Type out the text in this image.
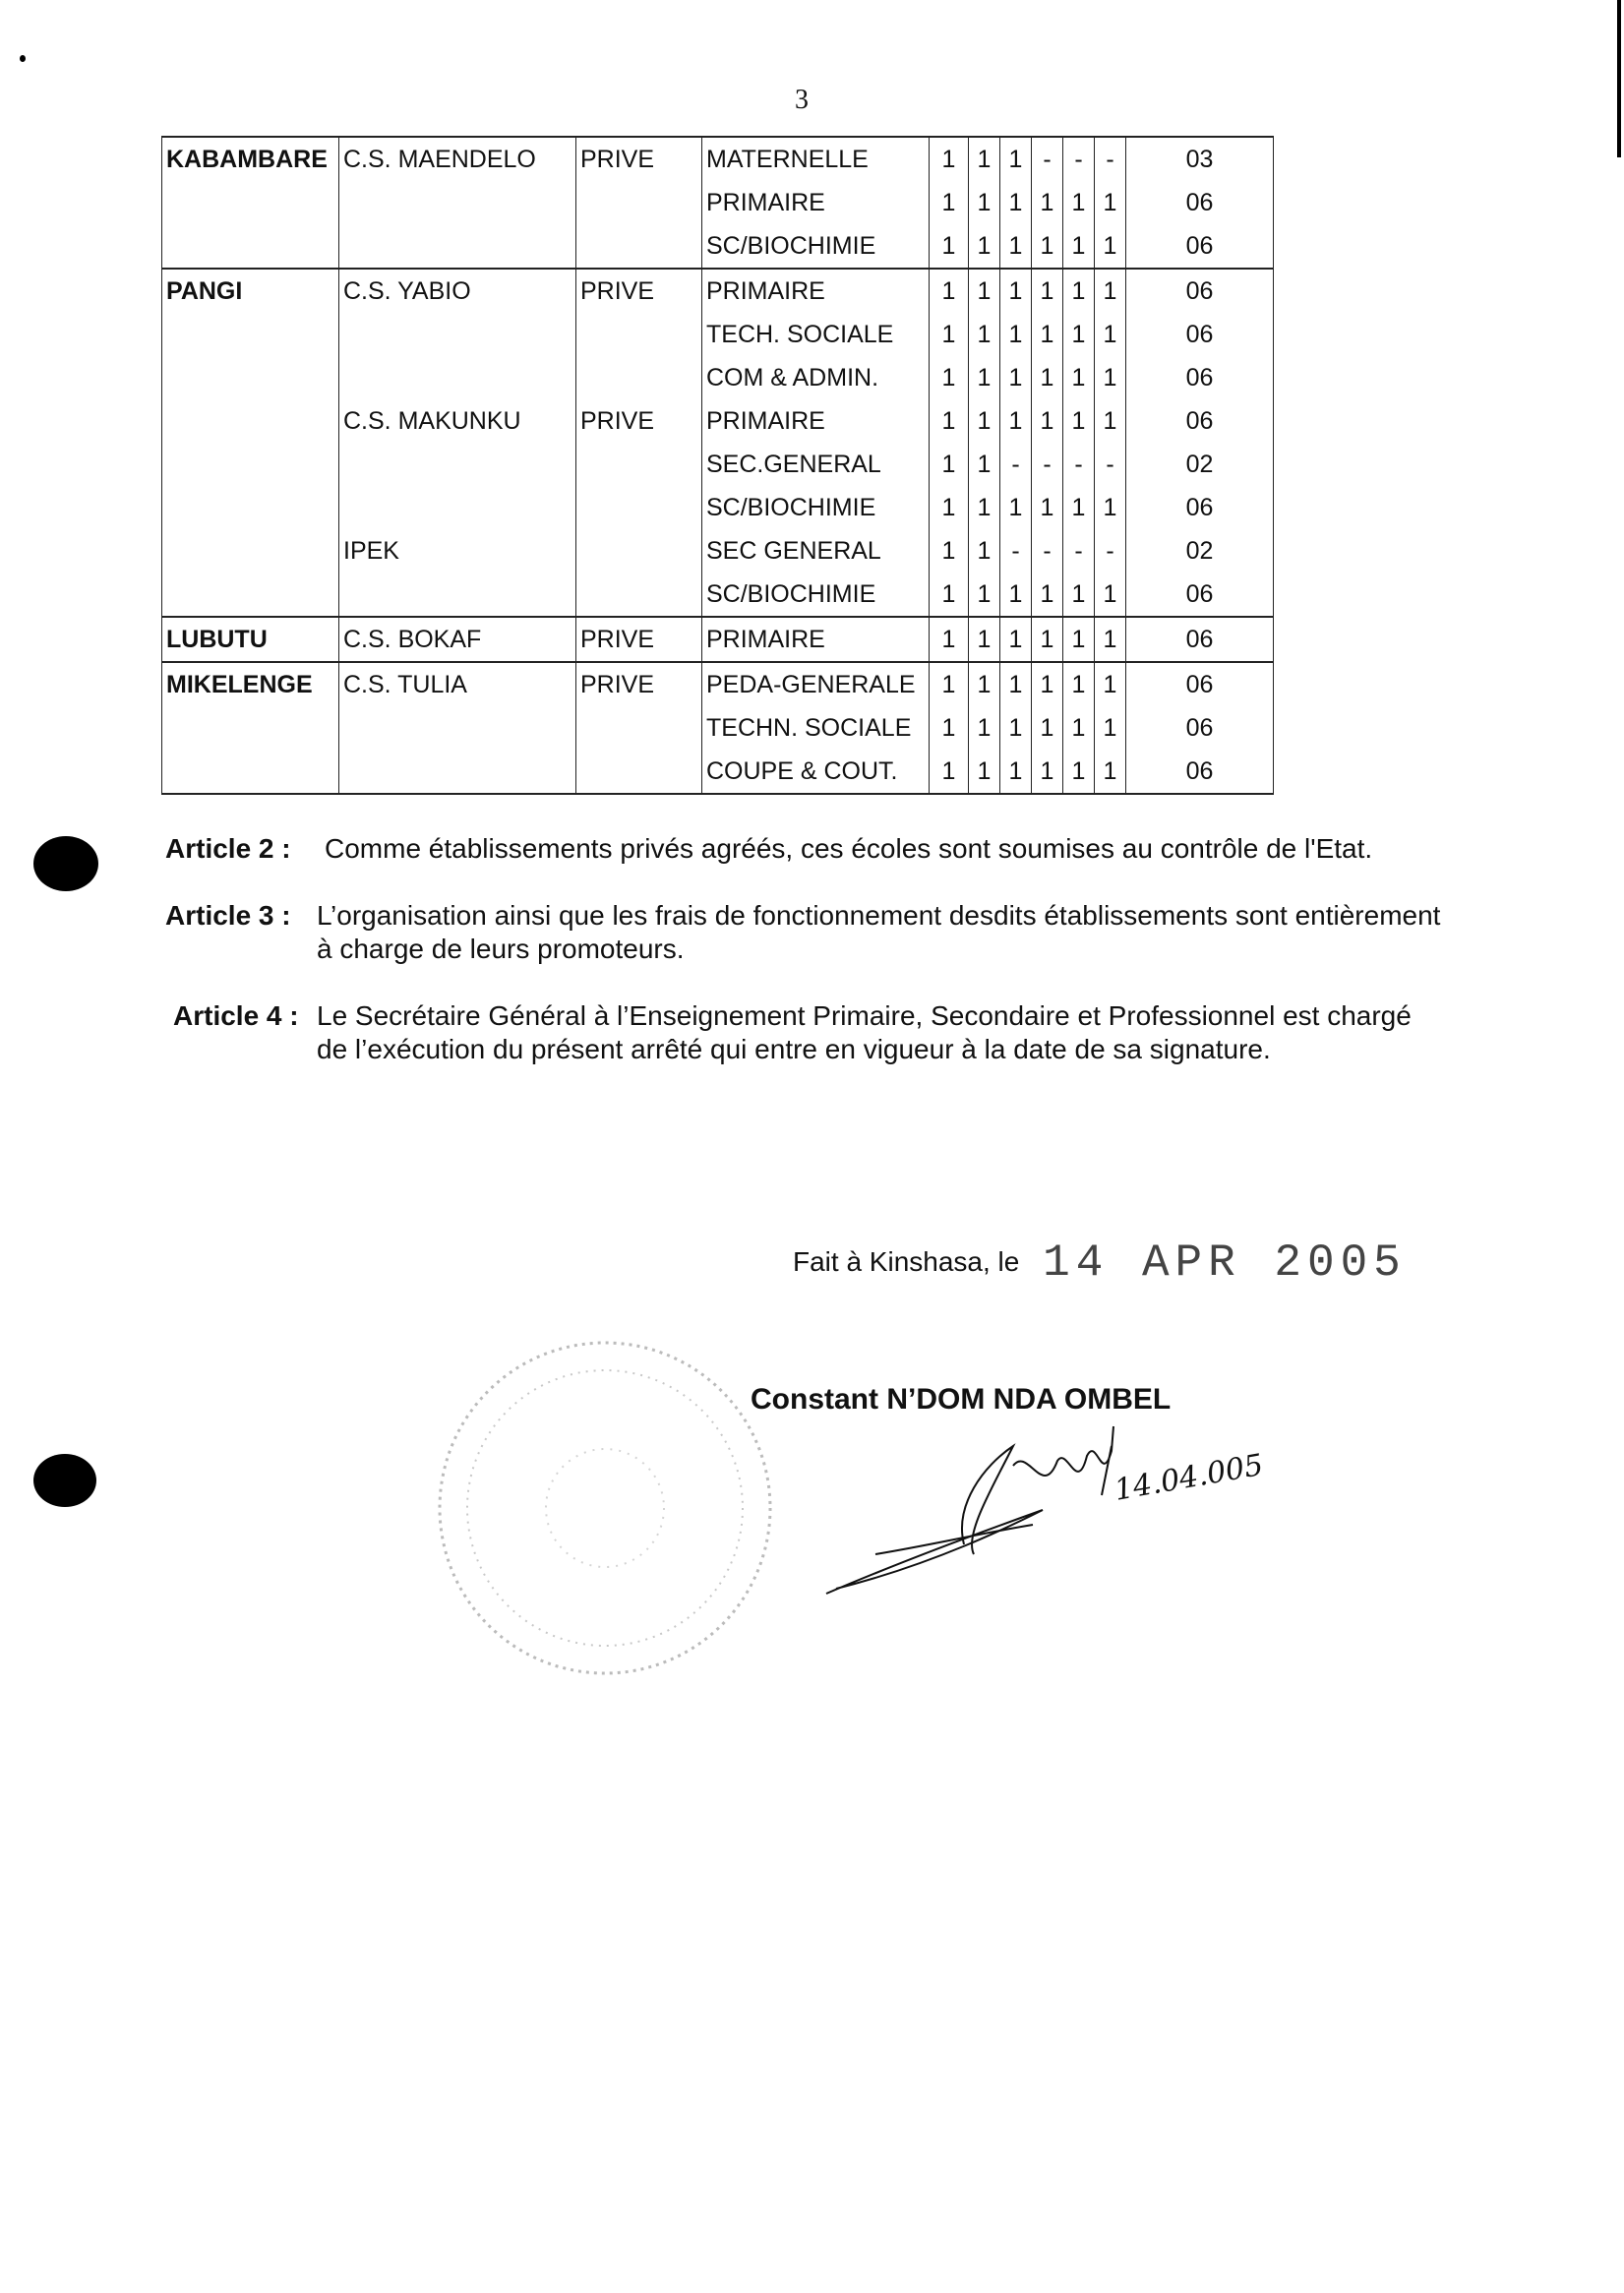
3
KABAMBARE	C.S. MAENDELO	PRIVE	MATERNELLE	1	1	1	-	-	-	03
			PRIMAIRE	1	1	1	1	1	1	06
			SC/BIOCHIMIE	1	1	1	1	1	1	06
PANGI	C.S. YABIO	PRIVE	PRIMAIRE	1	1	1	1	1	1	06
			TECH. SOCIALE	1	1	1	1	1	1	06
			COM & ADMIN.	1	1	1	1	1	1	06
	C.S. MAKUNKU	PRIVE	PRIMAIRE	1	1	1	1	1	1	06
			SEC.GENERAL	1	1	-	-	-	-	02
			SC/BIOCHIMIE	1	1	1	1	1	1	06
	IPEK		SEC GENERAL	1	1	-	-	-	-	02
			SC/BIOCHIMIE	1	1	1	1	1	1	06
LUBUTU	C.S. BOKAF	PRIVE	PRIMAIRE	1	1	1	1	1	1	06
MIKELENGE	C.S. TULIA	PRIVE	PEDA-GENERALE	1	1	1	1	1	1	06
			TECHN. SOCIALE	1	1	1	1	1	1	06
			COUPE & COUT.	1	1	1	1	1	1	06
Article 2 : Comme établissements privés agréés, ces écoles sont soumises au contrôle de l'Etat.
Article 3 : L’organisation ainsi que les frais de fonctionnement desdits établissements sont entièrement à charge de leurs promoteurs.
Article 4 : Le Secrétaire Général à l’Enseignement Primaire, Secondaire et Professionnel est chargé de l’exécution du présent arrêté qui entre en vigueur à la date de sa signature.
Fait à Kinshasa, le 14 APR 2005
Constant N’DOM NDA OMBEL
14.04.005
